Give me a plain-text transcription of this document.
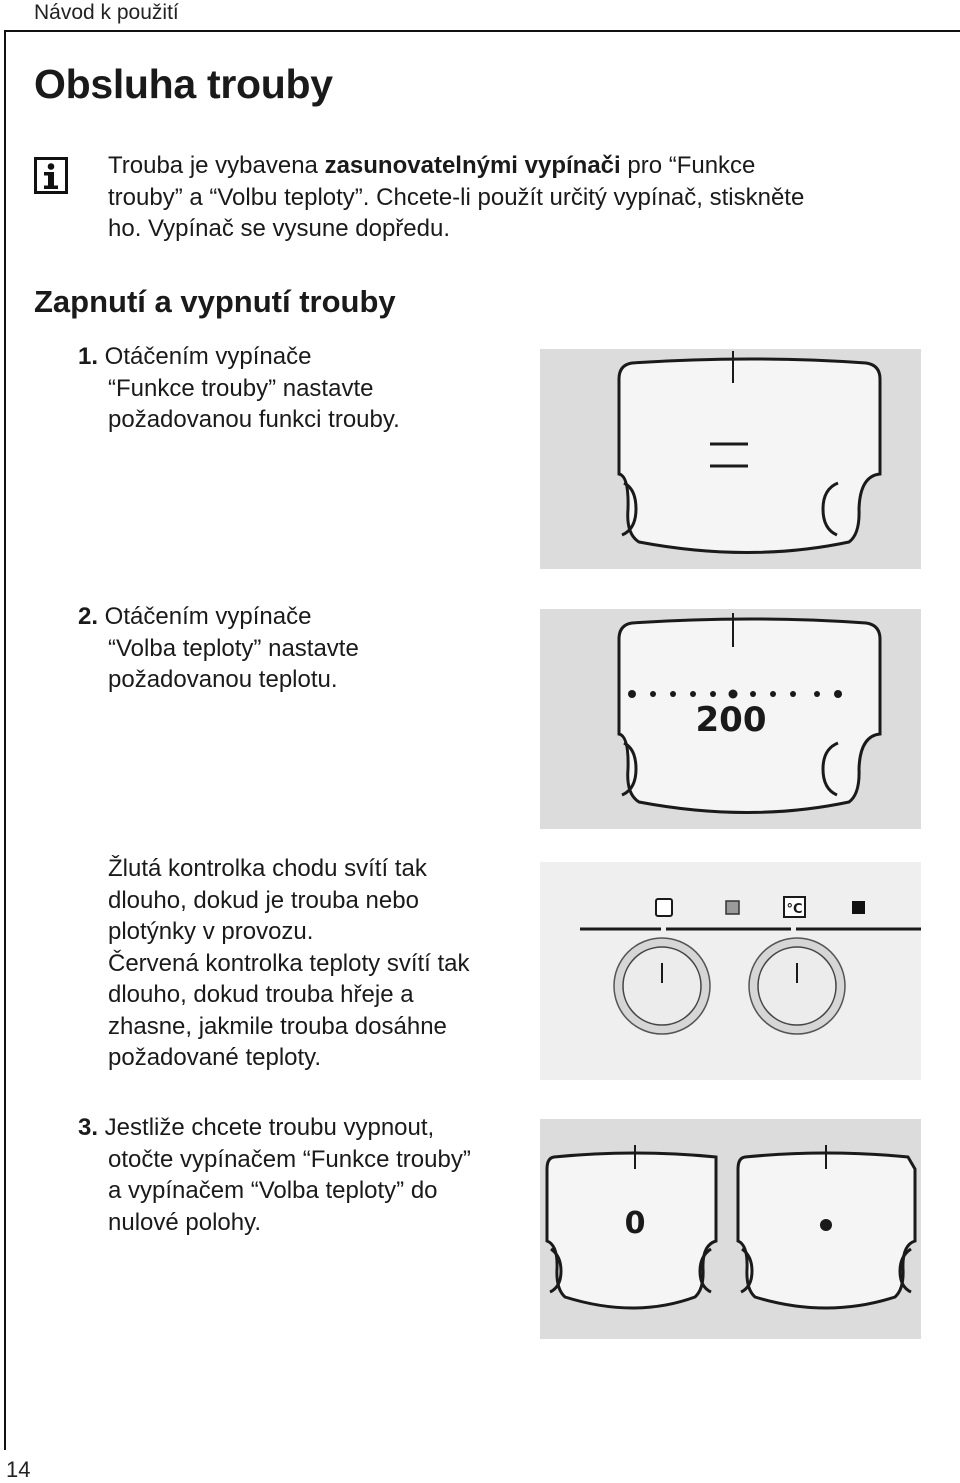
Návod k použití
14
Obsluha trouby

Trouba je vybavena zasunovatelnými vypínači pro “Funkce

trouby” a “Volbu teploty”. Chcete-li použít určitý vypínač, stiskněte

ho. Vypínač se vysune dopředu.

Zapnutí a vypnutí trouby

1. Otáčením vypínače

“Funkce trouby” nastavte

požadovanou funkci trouby.

2. Otáčením vypínače

“Volba teploty” nastavte

požadovanou teplotu.

200

Žlutá kontrolka chodu svítí tak

dlouho, dokud je trouba nebo

plotýnky v provozu.

Červená kontrolka teploty svítí tak

dlouho, dokud trouba hřeje a

zhasne, jakmile trouba dosáhne

požadované teploty.

°C

3. Jestliže chcete troubu vypnout,

otočte vypínačem “Funkce trouby”

a vypínačem “Volba teploty” do

nulové polohy.	0
